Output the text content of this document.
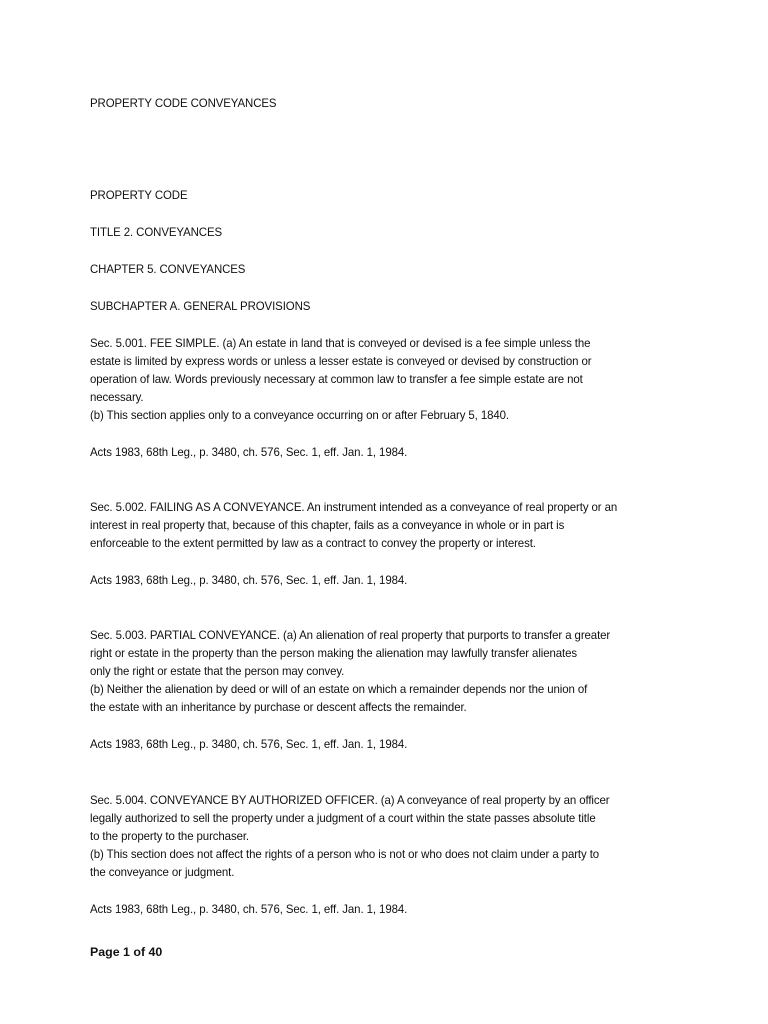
PROPERTY CODE CONVEYANCES
PROPERTY CODE
TITLE 2. CONVEYANCES
CHAPTER 5. CONVEYANCES
SUBCHAPTER A. GENERAL PROVISIONS
Sec. 5.001. FEE SIMPLE. (a) An estate in land that is conveyed or devised is a fee simple unless the
estate is limited by express words or unless a lesser estate is conveyed or devised by construction or
operation of law. Words previously necessary at common law to transfer a fee simple estate are not
necessary.
(b) This section applies only to a conveyance occurring on or after February 5, 1840.
Acts 1983, 68th Leg., p. 3480, ch. 576, Sec. 1, eff. Jan. 1, 1984.
Sec. 5.002. FAILING AS A CONVEYANCE. An instrument intended as a conveyance of real property or an
interest in real property that, because of this chapter, fails as a conveyance in whole or in part is
enforceable to the extent permitted by law as a contract to convey the property or interest.
Acts 1983, 68th Leg., p. 3480, ch. 576, Sec. 1, eff. Jan. 1, 1984.
Sec. 5.003. PARTIAL CONVEYANCE. (a) An alienation of real property that purports to transfer a greater
right or estate in the property than the person making the alienation may lawfully transfer alienates
only the right or estate that the person may convey.
(b) Neither the alienation by deed or will of an estate on which a remainder depends nor the union of
the estate with an inheritance by purchase or descent affects the remainder.
Acts 1983, 68th Leg., p. 3480, ch. 576, Sec. 1, eff. Jan. 1, 1984.
Sec. 5.004. CONVEYANCE BY AUTHORIZED OFFICER. (a) A conveyance of real property by an officer
legally authorized to sell the property under a judgment of a court within the state passes absolute title
to the property to the purchaser.
(b) This section does not affect the rights of a person who is not or who does not claim under a party to
the conveyance or judgment.
Acts 1983, 68th Leg., p. 3480, ch. 576, Sec. 1, eff. Jan. 1, 1984.
Page 1 of 40
